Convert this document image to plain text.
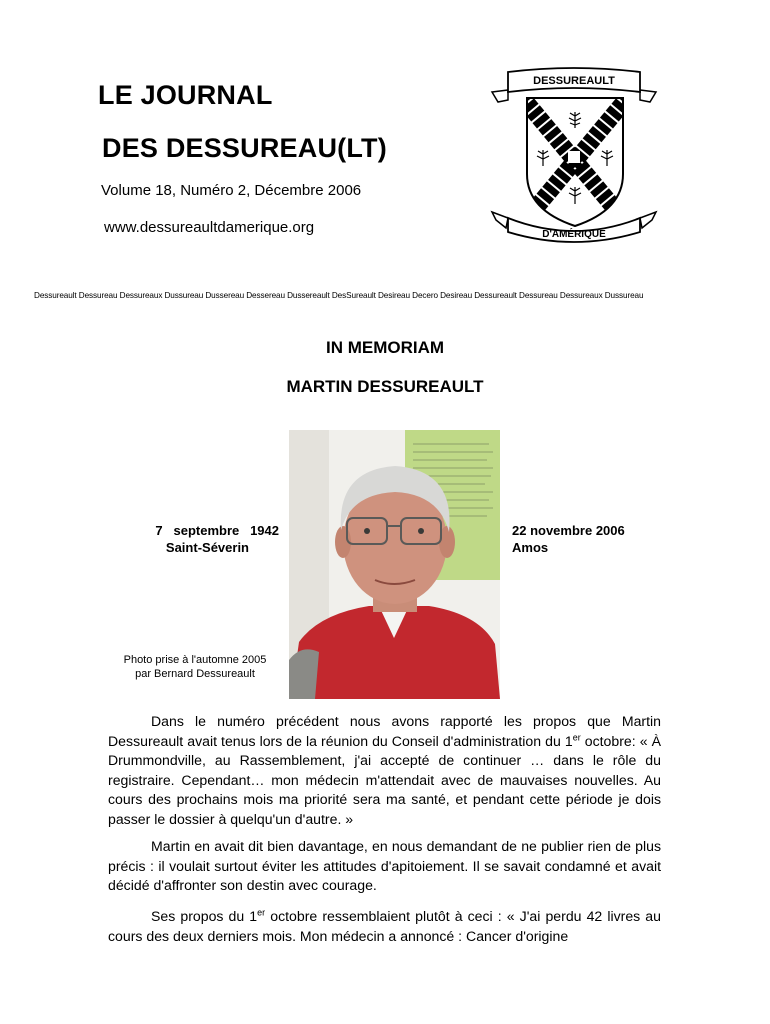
LE JOURNAL
DES DESSUREAU(LT)
Volume 18, Numéro 2, Décembre 2006
www.dessureaultdamerique.org
DESSUREAULT
D'AMÉRIQUE
Dessureault Dessureau Dessureaux Dussureau Dussereau Dessereau Dussereault DesSureault Desireau Decero Desireau Dessureault Dessureau Dessureaux Dussureau
IN MEMORIAM
MARTIN DESSUREAULT
7   septembre   1942
Saint-Séverin
22 novembre 2006
Amos
Photo prise à l'automne 2005
par Bernard Dessureault
Dans le numéro précédent nous avons rapporté les propos que Martin Dessureault avait tenus lors de la réunion du Conseil d'administration du 1er octobre: « À Drummondville, au Rassemblement, j'ai accepté de continuer … dans le rôle du registraire. Cependant… mon médecin m'attendait avec de mauvaises nouvelles. Au cours des prochains mois ma priorité sera ma santé, et pendant cette période je dois passer le dossier à quelqu'un d'autre. »
Martin en avait dit bien davantage, en nous demandant de ne publier rien de plus précis : il voulait surtout éviter les attitudes d'apitoiement. Il se savait condamné et avait décidé d'affronter son destin avec courage.
Ses propos du 1er octobre ressemblaient plutôt à ceci : « J'ai perdu 42 livres au cours des deux derniers mois. Mon médecin a annoncé : Cancer d'origine
